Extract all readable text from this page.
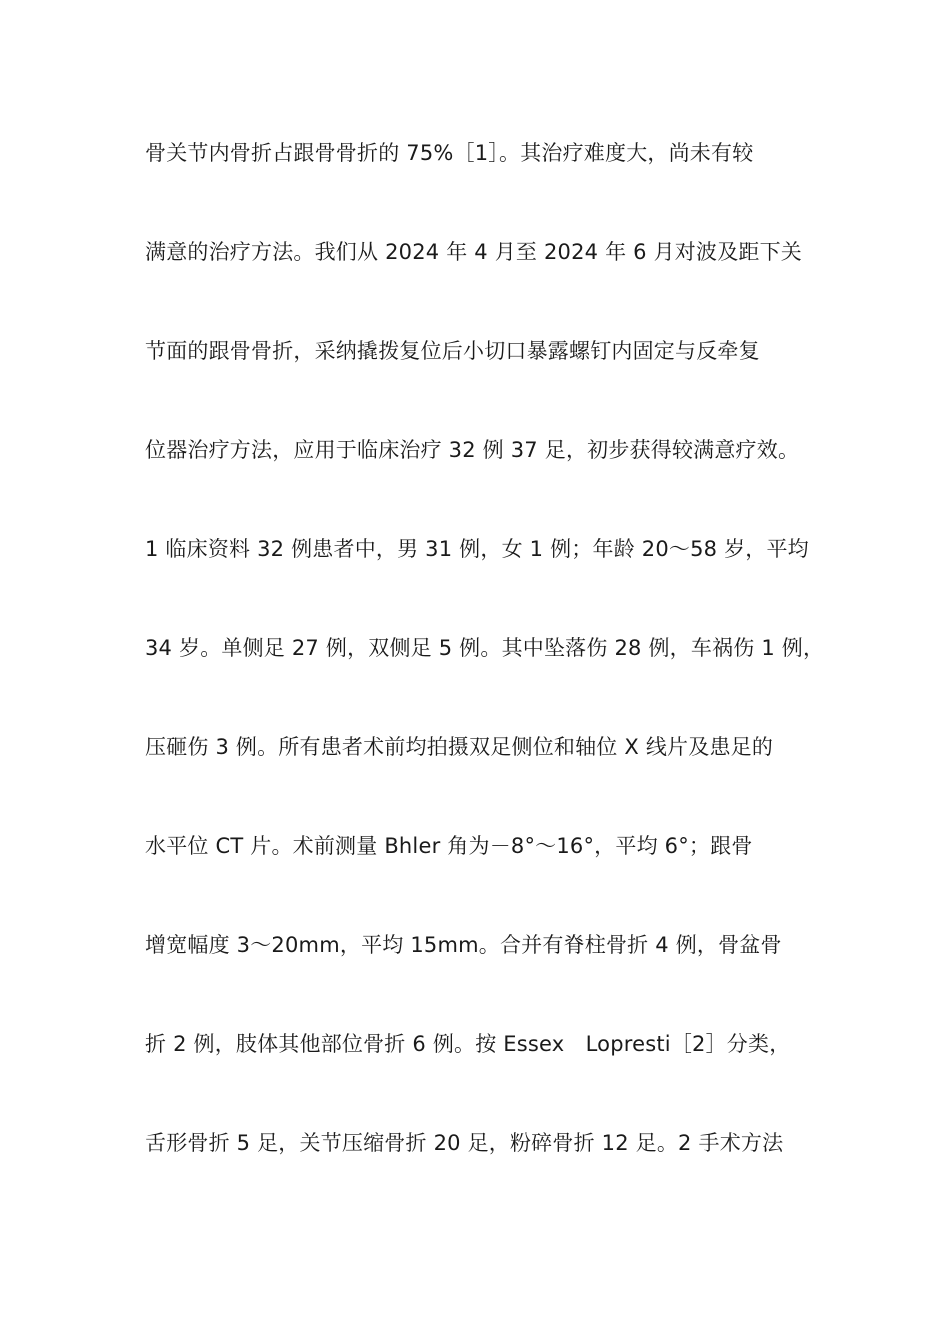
骨关节内骨折占跟骨骨折的 75%［1］。其治疗难度大，尚未有较
满意的治疗方法。我们从 2024 年 4 月至 2024 年 6 月对波及距下关
节面的跟骨骨折，采纳撬拨复位后小切口暴露螺钉内固定与反牵复
位器治疗方法，应用于临床治疗 32 例 37 足，初步获得较满意疗效。
1 临床资料 32 例患者中，男 31 例，女 1 例；年龄 20～58 岁，平均
34 岁。单侧足 27 例，双侧足 5 例。其中坠落伤 28 例，车祸伤 1 例，
压砸伤 3 例。所有患者术前均拍摄双足侧位和轴位 X 线片及患足的
水平位 CT 片。术前测量 Bhler 角为－8°～16°，平均 6°；跟骨
增宽幅度 3～20mm，平均 15mm。合并有脊柱骨折 4 例，骨盆骨
折 2 例，肢体其他部位骨折 6 例。按 Essex　Lopresti［2］分类，
舌形骨折 5 足，关节压缩骨折 20 足，粉碎骨折 12 足。2 手术方法
